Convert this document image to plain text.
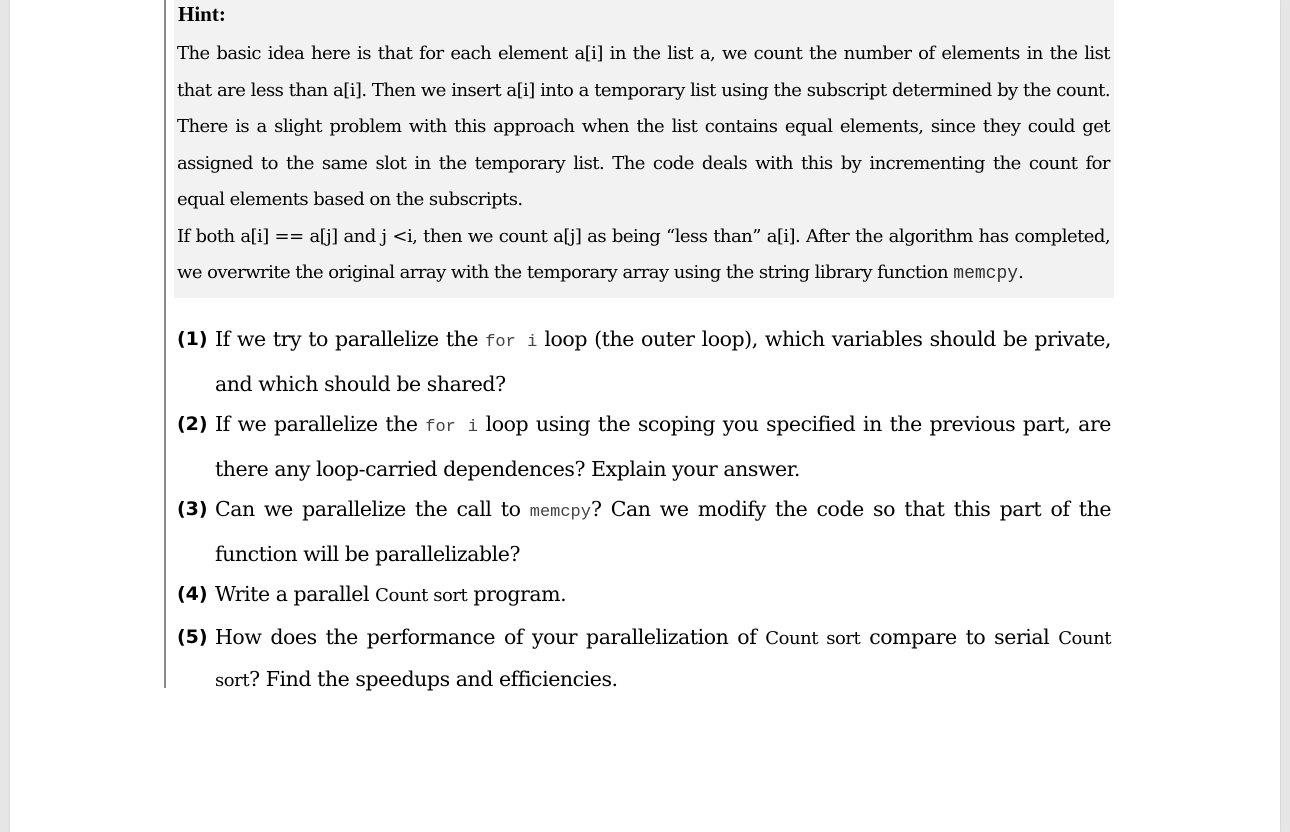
Hint:

The basic idea here is that for each element a[i] in the list a, we count the number of elements in the list that are less than a[i]. Then we insert a[i] into a temporary list using the subscript determined by the count. There is a slight problem with this approach when the list contains equal elements, since they could get assigned to the same slot in the temporary list. The code deals with this by incrementing the count for equal elements based on the subscripts.

If both a[i] == a[j] and j <i, then we count a[j] as being “less than” a[i]. After the algorithm has completed, we overwrite the original array with the temporary array using the string library function memcpy.

(1) If we try to parallelize the for i loop (the outer loop), which variables should be private, and which should be shared?

(2) If we parallelize the for i loop using the scoping you specified in the previous part, are there any loop-carried dependences? Explain your answer.

(3) Can we parallelize the call to memcpy? Can we modify the code so that this part of the function will be parallelizable?

(4) Write a parallel Count sort program.

(5) How does the performance of your parallelization of Count sort compare to serial Count sort? Find the speedups and efficiencies.
